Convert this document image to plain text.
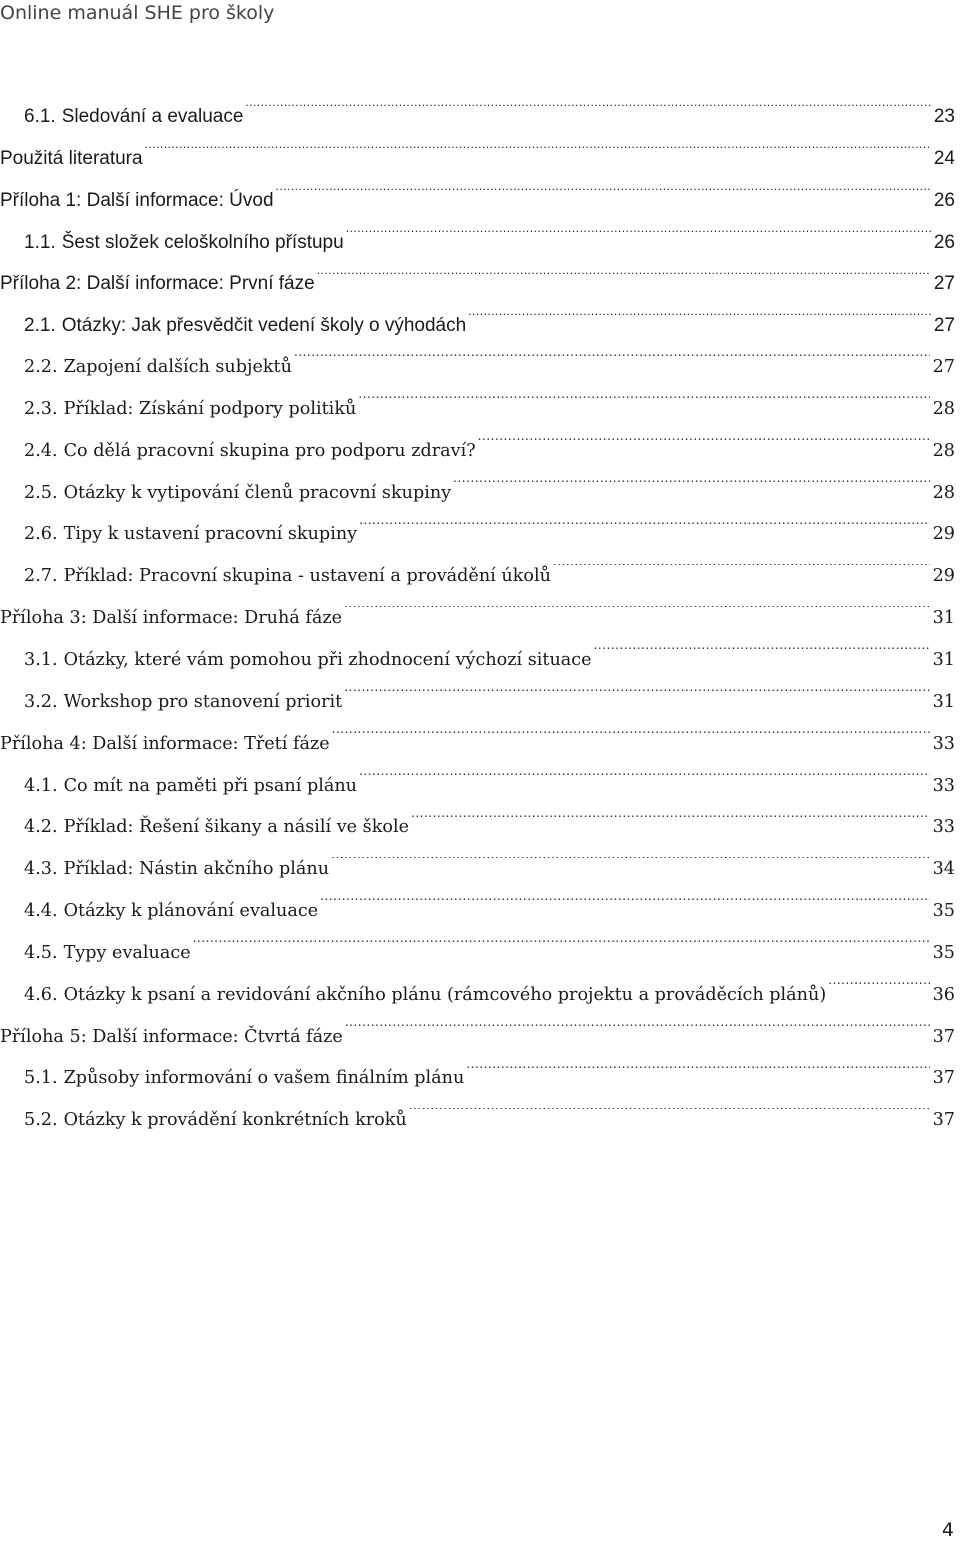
Online manuál SHE pro školy
6.1. Sledování a evaluace .....	23
Použitá literatura .....	24
Příloha 1: Další informace: Úvod .....	26
1.1. Šest složek celoškolního přístupu .....	26
Příloha 2: Další informace: První fáze .....	27
2.1. Otázky: Jak přesvědčit vedení školy o výhodách .....	27
2.2. Zapojení dalších subjektů .....	27
2.3. Příklad: Získání podpory politiků .....	28
2.4. Co dělá pracovní skupina pro podporu zdraví? .....	28
2.5. Otázky k vytipování členů pracovní skupiny .....	28
2.6. Tipy k ustavení pracovní skupiny .....	29
2.7. Příklad: Pracovní skupina - ustavení a provádění úkolů .....	29
Příloha 3: Další informace: Druhá fáze .....	31
3.1. Otázky, které vám pomohou při zhodnocení výchozí situace .....	31
3.2. Workshop pro stanovení priorit .....	31
Příloha 4: Další informace: Třetí fáze .....	33
4.1. Co mít na paměti při psaní plánu .....	33
4.2. Příklad: Řešení šikany a násilí ve škole .....	33
4.3. Příklad: Nástin akčního plánu .....	34
4.4. Otázky k plánování evaluace .....	35
4.5. Typy evaluace .....	35
4.6. Otázky k psaní a revidování akčního plánu (rámcového projektu a prováděcích plánů) .....	36
Příloha 5: Další informace: Čtvrtá fáze .....	37
5.1. Způsoby informování o vašem finálním plánu .....	37
5.2. Otázky k provádění konkrétních kroků .....	37
4
